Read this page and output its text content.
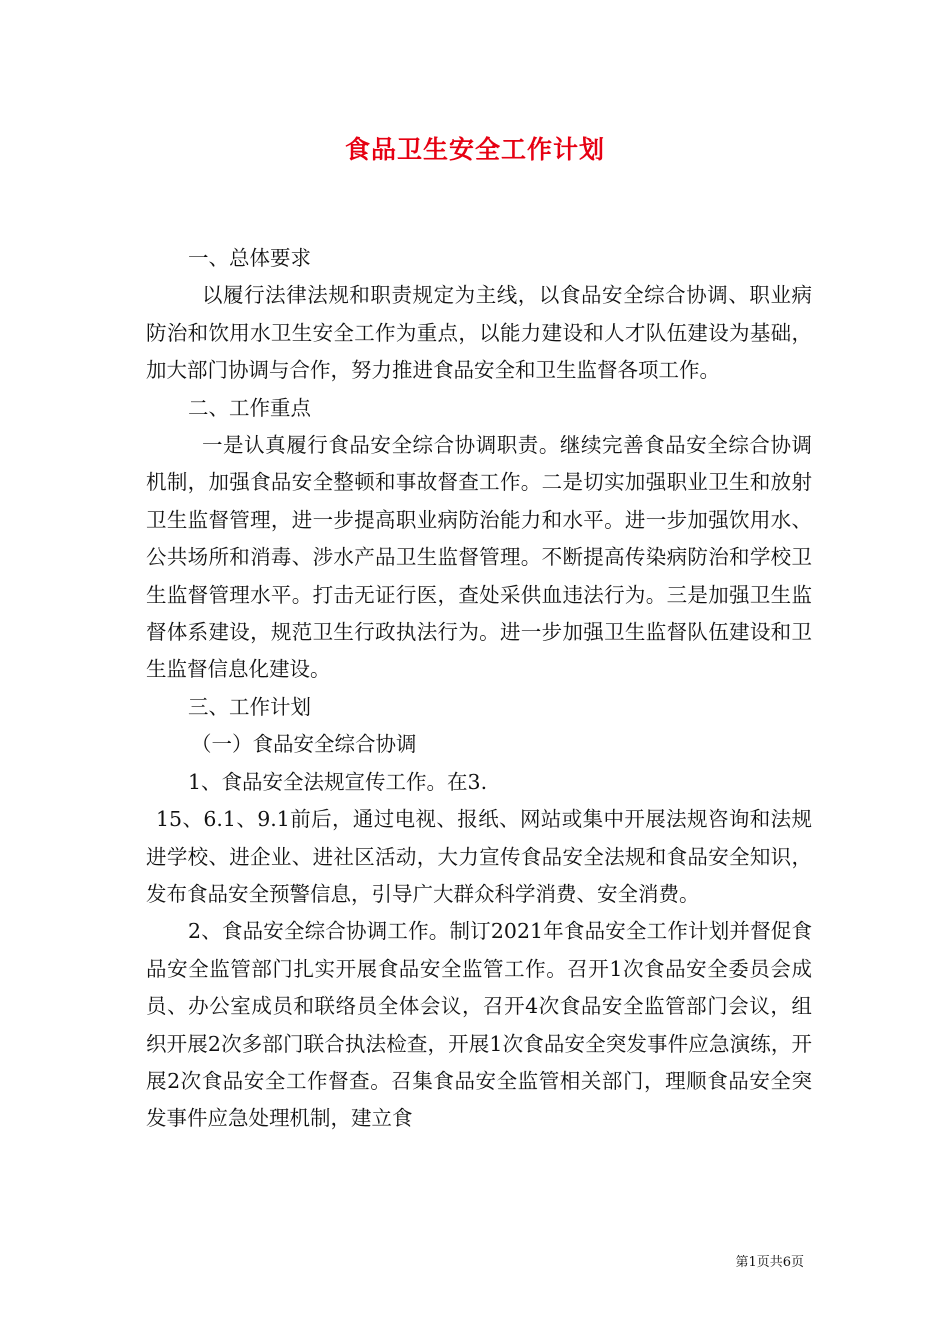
食品卫生安全工作计划

一、总体要求

以履行法律法规和职责规定为主线，以食品安全综合协调、职业病防治和饮用水卫生安全工作为重点，以能力建设和人才队伍建设为基础，加大部门协调与合作，努力推进食品安全和卫生监督各项工作。

二、工作重点

一是认真履行食品安全综合协调职责。继续完善食品安全综合协调机制，加强食品安全整顿和事故督查工作。二是切实加强职业卫生和放射卫生监督管理，进一步提高职业病防治能力和水平。进一步加强饮用水、公共场所和消毒、涉水产品卫生监督管理。不断提高传染病防治和学校卫生监督管理水平。打击无证行医，查处采供血违法行为。三是加强卫生监督体系建设，规范卫生行政执法行为。进一步加强卫生监督队伍建设和卫生监督信息化建设。

三、工作计划

（一）食品安全综合协调

1、食品安全法规宣传工作。在3.

15、6.1、9.1前后，通过电视、报纸、网站或集中开展法规咨询和法规进学校、进企业、进社区活动，大力宣传食品安全法规和食品安全知识，发布食品安全预警信息，引导广大群众科学消费、安全消费。

2、食品安全综合协调工作。制订2021年食品安全工作计划并督促食品安全监管部门扎实开展食品安全监管工作。召开1次食品安全委员会成员、办公室成员和联络员全体会议，召开4次食品安全监管部门会议，组织开展2次多部门联合执法检查，开展1次食品安全突发事件应急演练，开展2次食品安全工作督查。召集食品安全监管相关部门，理顺食品安全突发事件应急处理机制，建立食

第1页共6页
